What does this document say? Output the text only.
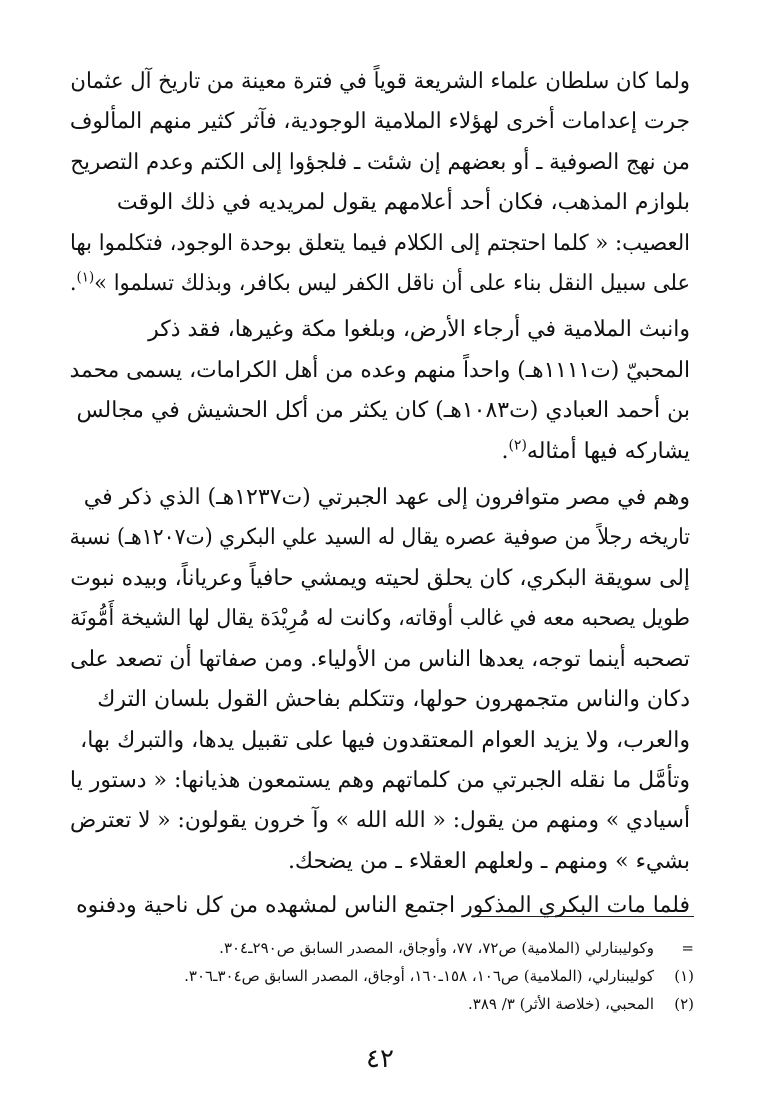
ولما كان سلطان علماء الشريعة قوياً في فترة معينة من تاريخ آل عثمان
جرت إعدامات أخرى لهؤلاء الملامية الوجودية، فآثر كثير منهم المألوف
من نهج الصوفية ـ أو بعضهم إن شئت ـ فلجؤوا إلى الكتم وعدم التصريح
بلوازم المذهب، فكان أحد أعلامهم يقول لمريديه في ذلك الوقت
العصيب: « كلما احتجتم إلى الكلام فيما يتعلق بوحدة الوجود، فتكلموا بها
على سبيل النقل بناء على أن ناقل الكفر ليس بكافر، وبذلك تسلموا »$^{(١)}$.

وانبث الملامية في أرجاء الأرض، وبلغوا مكة وغيرها، فقد ذكر
المحبيّ (ت١١١١هـ) واحداً منهم وعده من أهل الكرامات، يسمى محمد
بن أحمد العبادي (ت١٠٨٣هـ) كان يكثر من أكل الحشيش في مجالس
يشاركه فيها أمثاله$^{(٢)}$.

وهم في مصر متوافرون إلى عهد الجبرتي (ت١٢٣٧هـ) الذي ذكر في
تاريخه رجلاً من صوفية عصره يقال له السيد علي البكري (ت١٢٠٧هـ) نسبة
إلى سويقة البكري، كان يحلق لحيته ويمشي حافياً وعرياناً، وبيده نبوت
طويل يصحبه معه في غالب أوقاته، وكانت له مُرِيْدَة يقال لها الشيخة أَمُّونَة
تصحبه أينما توجه، يعدها الناس من الأولياء. ومن صفاتها أن تصعد على
دكان والناس متجمهرون حولها، وتتكلم بفاحش القول بلسان الترك
والعرب، ولا يزيد العوام المعتقدون فيها على تقبيل يدها، والتبرك بها،
وتأمَّل ما نقله الجبرتي من كلماتهم وهم يستمعون هذيانها: « دستور يا
أسيادي » ومنهم من يقول: « الله الله » وآ خرون يقولون: « لا تعترض
بشيء » ومنهم ـ ولعلهم العقلاء ـ من يضحك.

فلما مات البكري المذكور اجتمع الناس لمشهده من كل ناحية ودفنوه

=
وكوليبنارلي (الملامية) ص٧٢، ٧٧، وأوجاق، المصدر السابق ص٢٩٠ـ٣٠٤.
(١)
كوليبنارلي، (الملامية) ص١٠٦، ١٥٨ـ١٦٠، أوجاق، المصدر السابق ص٣٠٤ـ٣٠٦.
(٢)
المحبي، (خلاصة الأثر) ٣/ ٣٨٩.
٤٢
